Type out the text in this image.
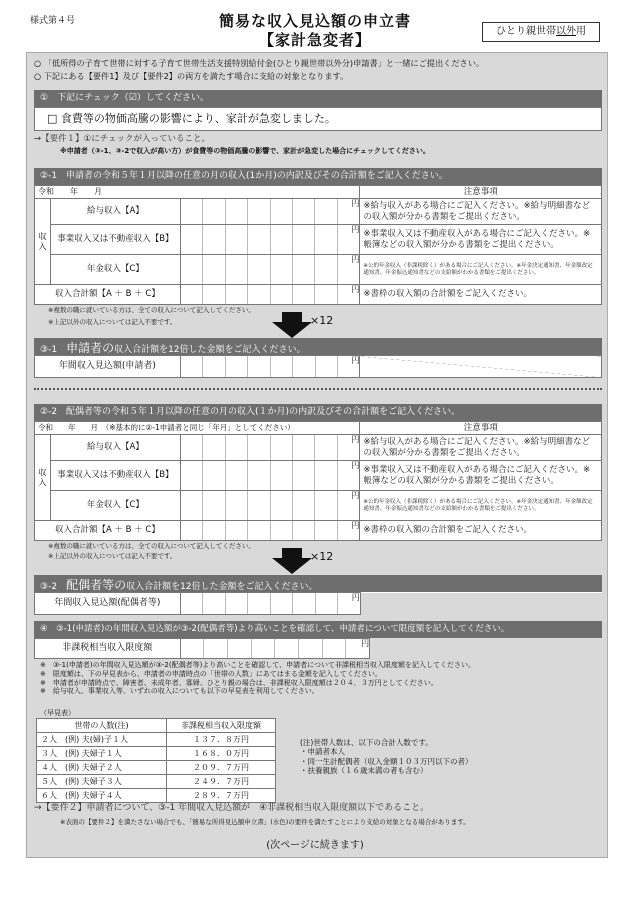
様式第４号	簡易な収入見込額の申立書
【家計急変者】	ひとり親世帯以外用
○ 「低所得の子育て世帯に対する子育て世帯生活支援特別給付金(ひとり親世帯以外分)申請書」と一緒にご提出ください。
○ 下記にある【要件1】及び【要件2】の両方を満たす場合に支給の対象となります。
①　下記にチェック（☑）してください。
□ 食費等の物価高騰の影響により、家計が急変しました。
→【要件１】①にチェックが入っていること。
※申請者（③-1、③-2で収入が高い方）が食費等の物価高騰の影響で、家計が急変した場合にチェックしてください。
②-1　申請者の令和５年１月以降の任意の月の収入(1か月)の内訳及びその合計額をご記入ください。
令和　　年　　月			注意事項
収入	給与収入【A】	円	※給与収入がある場合にご記入ください。※給与明細書などの収入額が分かる書類をご提出ください。
	事業収入又は不動産収入【B】	円	※事業収入又は不動産収入がある場合にご記入ください。※帳簿などの収入額が分かる書類をご提出ください。
	年金収入【C】	円	※公的年金収入（非課税除く）がある場合にご記入ください。※年金決定通知書、年金額改定通知書、年金振込通知書などの支給額がわかる書類をご提出ください。
収入合計額【A ＋ B ＋ C】		円	※書枠の収入額の合計額をご記入ください。
※複数の職に就いている方は、全ての収入について記入してください。
※上記以外の収入については記入不要です。	×12
③-1　 申請者の収入合計額を12倍した金額をご記入ください。
年間収入見込額(申請者)	
円

②-2　配偶者等の令和５年１月以降の任意の月の収入(１か月)の内訳及びその合計額をご記入ください。
令和　　年　　月　（※基本的に②-1申請者と同じ「年月」としてください）			注意事項
収入	給与収入【A】	円	※給与収入がある場合にご記入ください。※給与明細書などの収入額が分かる書類をご提出ください。
	事業収入又は不動産収入【B】	円	※事業収入又は不動産収入がある場合にご記入ください。※帳簿などの収入額が分かる書類をご提出ください。
	年金収入【C】	円	※公的年金収入（非課税除く）がある場合にご記入ください。※年金決定通知書、年金額改定通知書、年金振込通知書などの支給額がわかる書類をご提出ください。
収入合計額【A ＋ B ＋ C】		円	※書枠の収入額の合計額をご記入ください。
※複数の職に就いている方は、全ての収入について記入してください。
※上記以外の収入については記入不要です。	×12
③-2　 配偶者等の収入合計額を12倍した金額をご記入ください。
年間収入見込額(配偶者等)	
円

④　③-1(申請者)の年間収入見込額が③-2(配偶者等)より高いことを確認して、申請者について限度額を記入してください。
非課税相当収入限度額	円
※　③-1(申請者)の年間収入見込額が③-2(配偶者等)より高いことを確認して、申請者について非課税相当収入限度額を記入してください。
※　限度額は、下の早見表から、申請者の申請時点の「世帯の人数」にあてはまる金額を記入してください。
※　申請者が申請時点で、障害者、未成年者、寡婦、ひとり親の場合は、非課税収入限度額は２０４．３万円としてください。
※　給与収入、事業収入等、いずれの収入についても以下の早見表を利用してください。
（早見表）
世帯の人数(注)	非課税相当収入限度額
２人　(例) 夫(婦)子１人	１３７．８万円
３人　(例) 夫婦子１人	１６８．０万円
４人　(例) 夫婦子２人	２０９．７万円
５人　(例) 夫婦子３人	２４９．７万円
６人　(例) 夫婦子４人	２８９．７万円
(注)世帯人数は、以下の合計人数です。
・申請者本人
・同一生計配偶者（収入金額１０３万円以下の者）
・扶養親族（１６歳未満の者も含む）
→【要件２】申請者について、③-1 年間収入見込額が　④非課税相当収入限度額以下であること。
※表面の【要件２】を満たさない場合でも、「簡易な所得見込額申立書」(水色)の要件を満たすことにより支給の対象となる場合があります。
(次ページに続きます)
